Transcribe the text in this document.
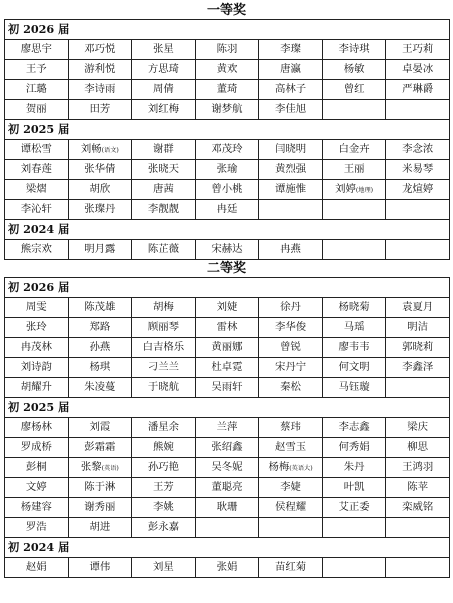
一等奖
初 2026 届						
廖思宇	邓巧悦	张星	陈羽	李璨	李诗琪	王巧莉
王予	游利悦	方思琦	黄欢	唐瀛	杨敏	卓晏冰
江璐	李诗雨	周倩	董琦	高林子	曾红	严琳爵
贺丽	田芳	刘红梅	谢梦航	李佳旭		
初 2025 届						
谭松雪	刘畅(语文)	谢群	邓茂玲	闫晓明	白金卉	李念浓
刘春莲	张华倩	张晓天	张瑜	黄烈强	王丽	米易琴
梁熠	胡欣	唐茜	曾小桃	谭施惟	刘婷(地理)	龙煊婷
李沁轩	张璨丹	李靓靓	冉廷			
初 2024 届						
熊宗欢	明月露	陈芷薇	宋赫达	冉燕		
二等奖
初 2026 届						
周雯	陈茂雄	胡梅	刘婕	徐丹	杨晓菊	袁夏月
张玲	郑路	顾丽琴	雷林	李华俊	马瑶	明洁
冉茂林	孙燕	白吉格乐	黄丽娜	曾锐	廖韦韦	郭晓莉
刘诗韵	杨琪	刁兰兰	杜卓霓	宋丹宁	何文明	李鑫泽
胡耀升	朱凌蔓	于晓航	吴雨轩	秦松	马钰璇	
初 2025 届						
廖杨林	刘霞	潘星余	兰萍	蔡玮	李志鑫	梁庆
罗成桥	彭霜霜	熊婉	张绍鑫	赵雪玉	何秀娟	柳思
彭桐	张黎(英语)	孙巧艳	吴冬妮	杨梅(英语大)	朱丹	王鸿羽
文婷	陈于淋	王芳	董聪亮	李婕	叶凯	陈苹
杨建容	谢秀丽	李姚	耿珊	侯程耀	艾正委	栾威铭
罗浩	胡进	彭永嘉				
初 2024 届						
赵娟	谭伟	刘星	张娟	苗红菊		
